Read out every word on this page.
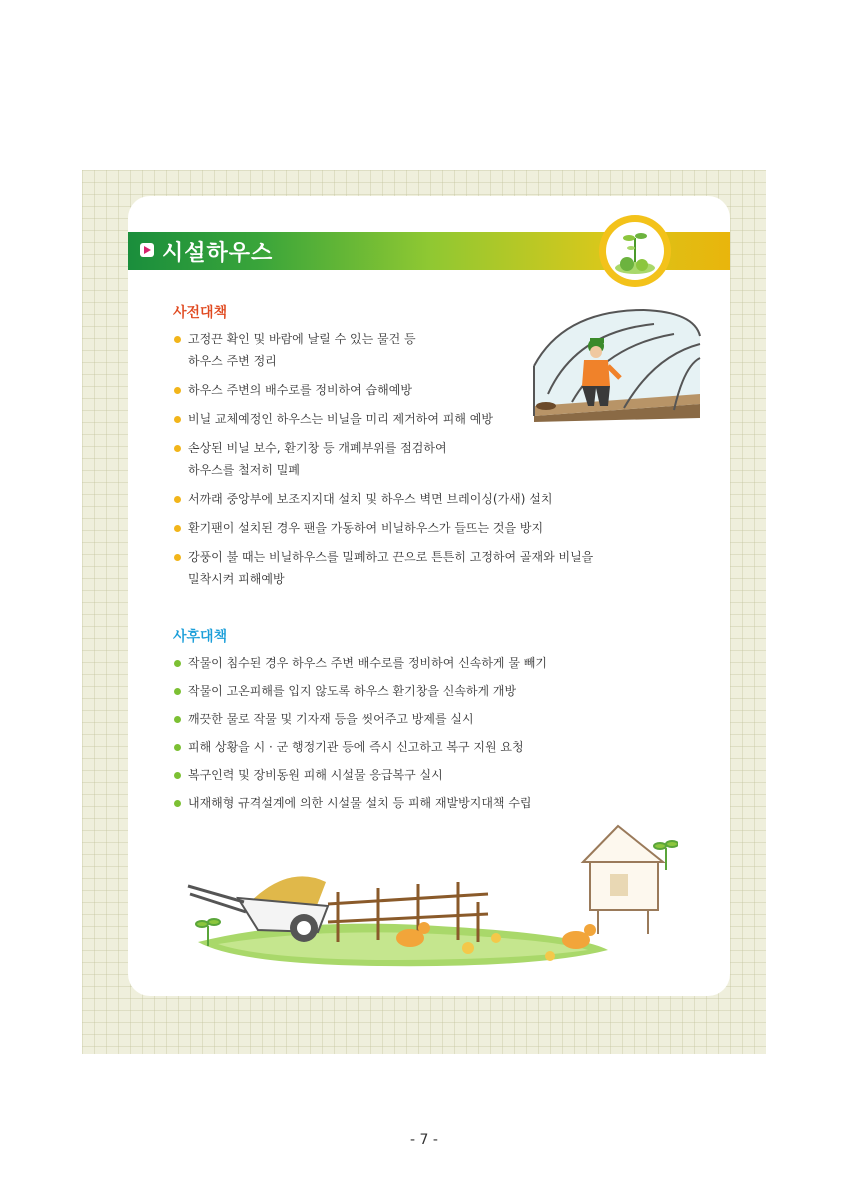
시설하우스
사전대책
고정끈 확인 및 바람에 날릴 수 있는 물건 등
하우스 주변 정리
하우스 주변의 배수로를 정비하여 습해예방
비닐 교체예정인 하우스는 비닐을 미리 제거하여 피해 예방
손상된 비닐 보수, 환기창 등 개폐부위를 점검하여
하우스를 철저히 밀폐
서까래 중앙부에 보조지지대 설치 및 하우스 벽면 브레이싱(가새) 설치
환기팬이 설치된 경우 팬을 가동하여 비닐하우스가 들뜨는 것을 방지
강풍이 불 때는 비닐하우스를 밀폐하고 끈으로 튼튼히 고정하여 골재와 비닐을
밀착시켜 피해예방
사후대책
작물이 침수된 경우 하우스 주변 배수로를 정비하여 신속하게 물 빼기
작물이 고온피해를 입지 않도록 하우스 환기창을 신속하게 개방
깨끗한 물로 작물 및 기자재 등을 씻어주고 방제를 실시
피해 상황을 시 · 군 행정기관 등에 즉시 신고하고 복구 지원 요청
복구인력 및 장비동원 피해 시설물 응급복구 실시
내재해형 규격설계에 의한 시설물 설치 등 피해 재발방지대책 수립
- 7 -
